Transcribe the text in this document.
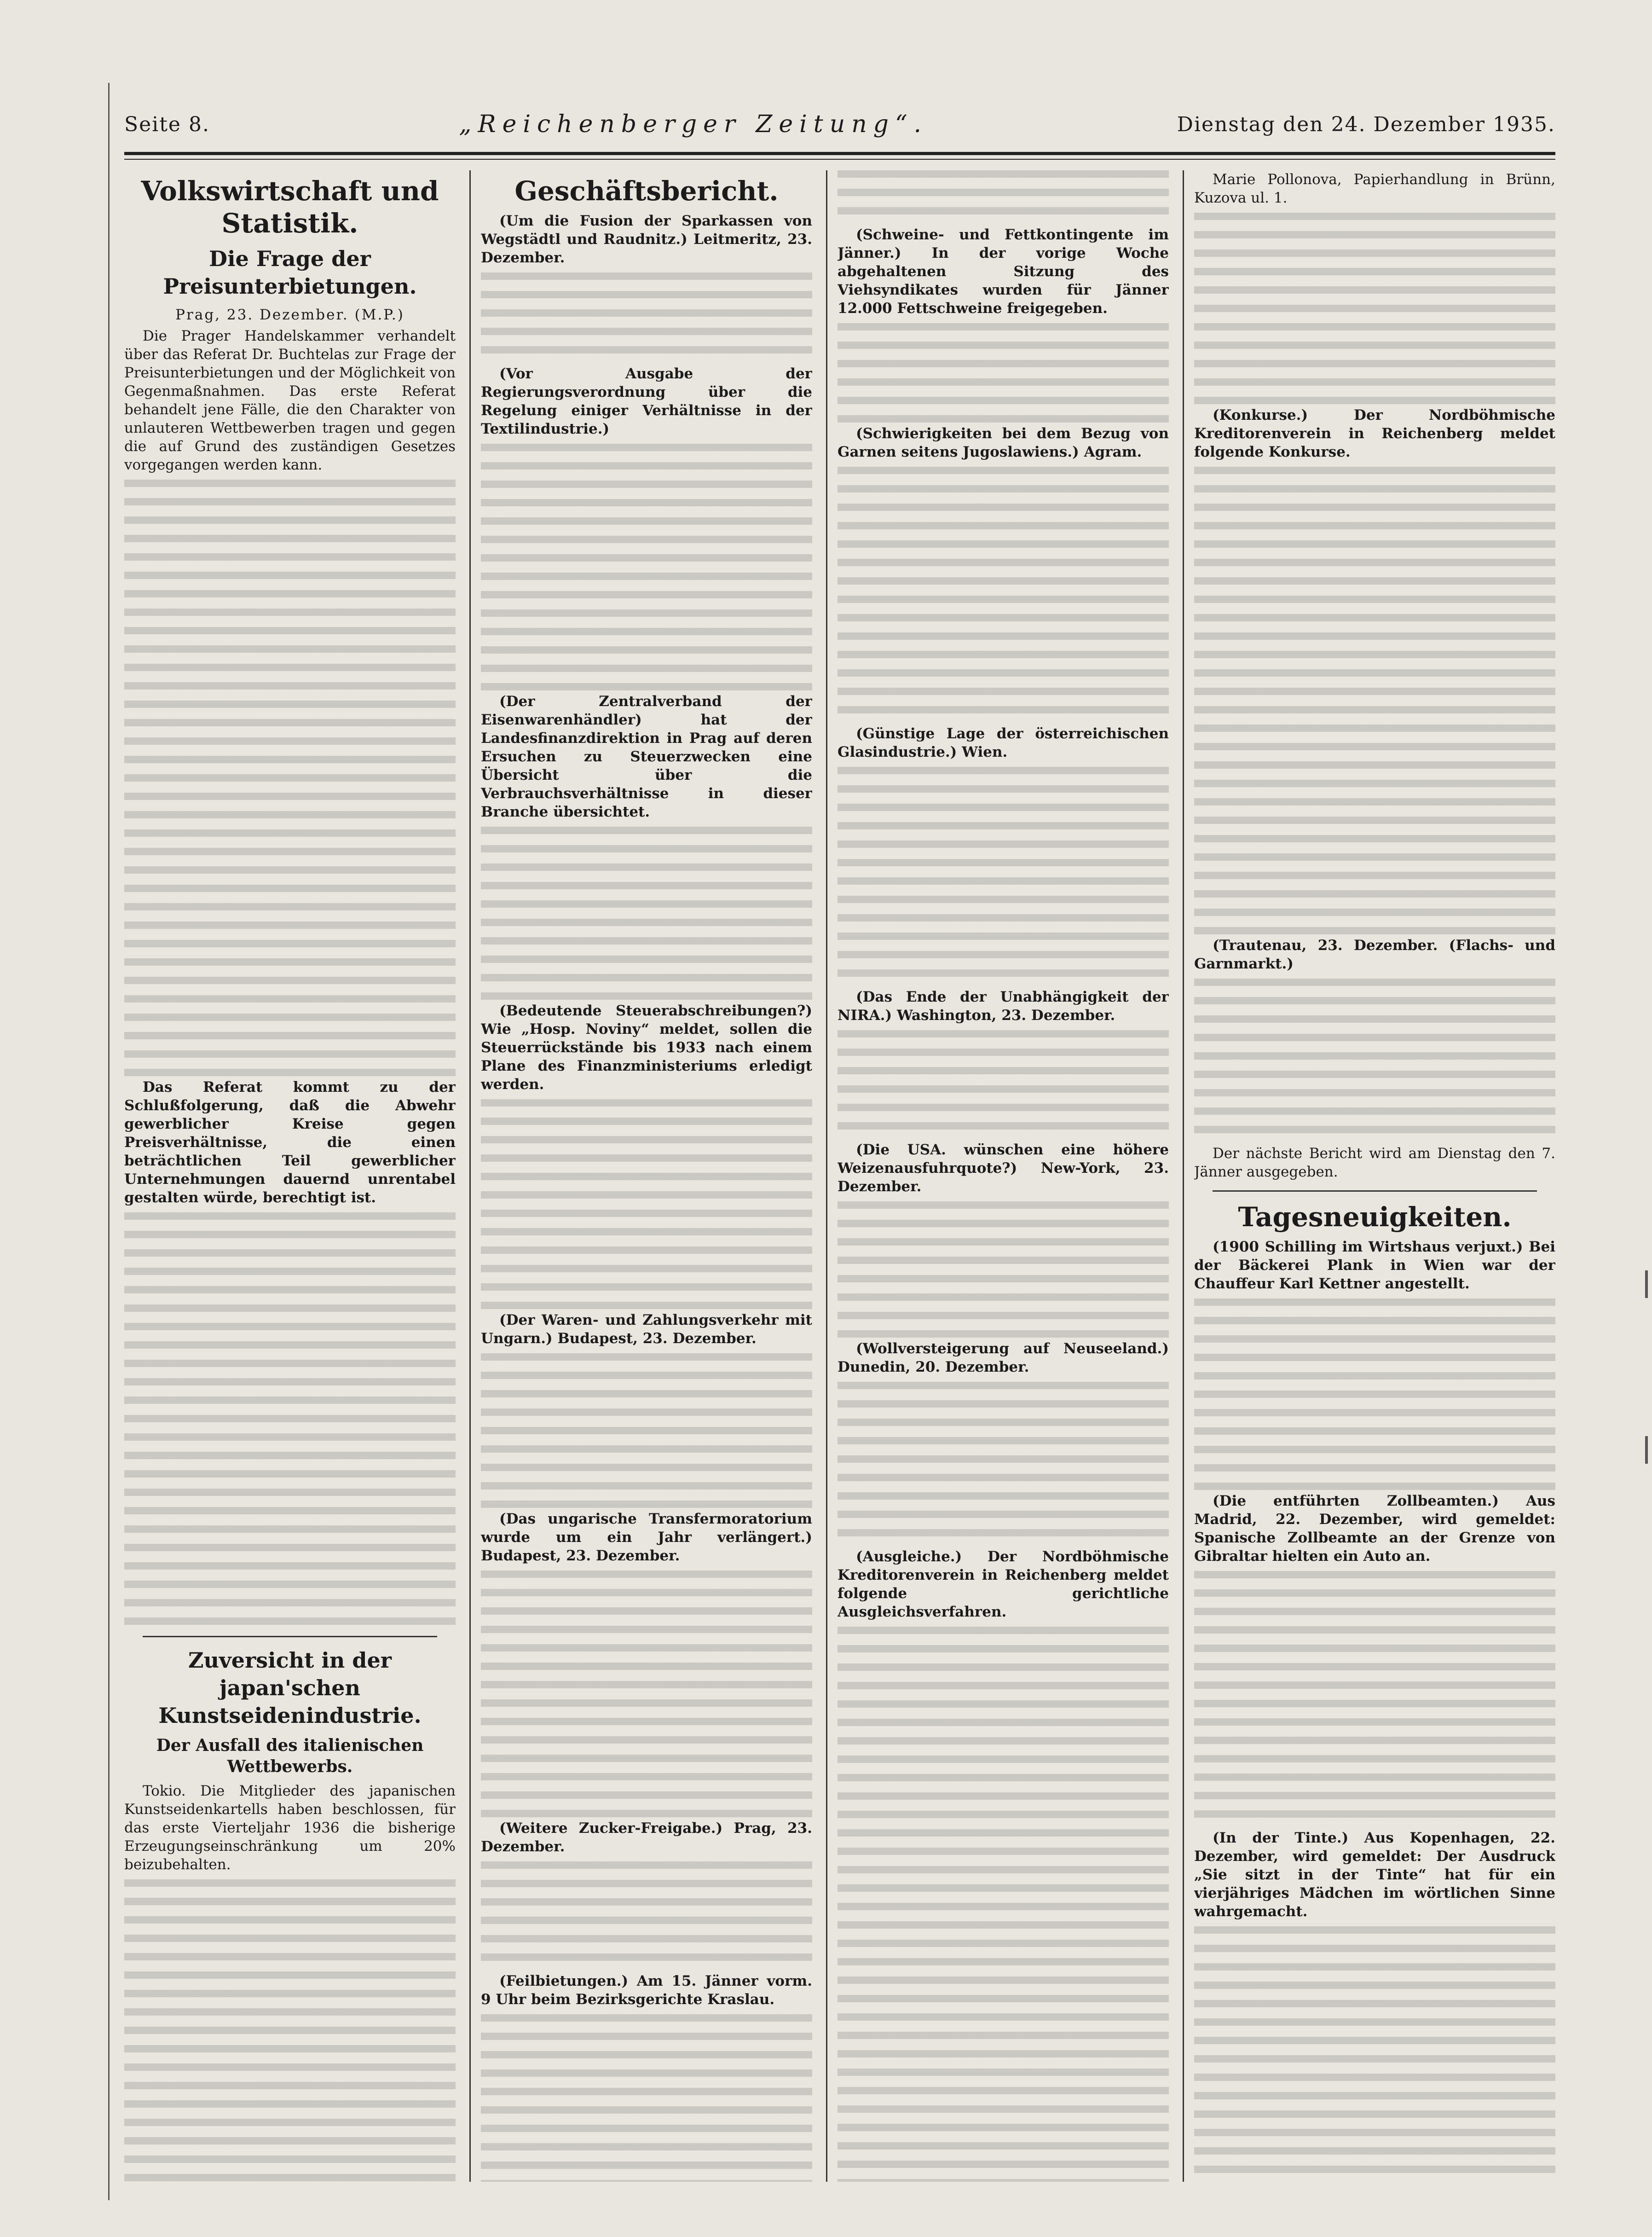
Seite 8.	„Reichenberger Zeitung“.	Dienstag den 24. Dezember 1935.
Volkswirtschaft und Statistik.
Die Frage der Preisunterbietungen.
Prag, 23. Dezember. (M.P.)

Die Prager Handelskammer verhandelt über das Referat Dr. Buchtelas zur Frage der Preisunterbietungen und der Möglichkeit von Gegenmaßnahmen. Das erste Referat behandelt jene Fälle, die den Charakter von unlauteren Wettbewerben tragen und gegen die auf Grund des zuständigen Gesetzes vorgegangen werden kann.

Das Referat kommt zu der Schlußfolgerung, daß die Abwehr gewerblicher Kreise gegen Preisverhältnisse, die einen beträchtlichen Teil gewerblicher Unternehmungen dauernd unrentabel gestalten würde, berechtigt ist.

Zuversicht in der japan'schen Kunstseidenindustrie.
Der Ausfall des italienischen Wettbewerbs.

Tokio. Die Mitglieder des japanischen Kunstseidenkartells haben beschlossen, für das erste Vierteljahr 1936 die bisherige Erzeugungseinschränkung um 20% beizubehalten.

Geschäftsbericht.

(Um die Fusion der Sparkassen von Wegstädtl und Raudnitz.) Leitmeritz, 23. Dezember.

(Vor Ausgabe der Regierungsverordnung über die Regelung einiger Verhältnisse in der Textilindustrie.)

(Der Zentralverband der Eisenwarenhändler) hat der Landesfinanzdirektion in Prag auf deren Ersuchen zu Steuerzwecken eine Übersicht über die Verbrauchsverhältnisse in dieser Branche übersichtet.

(Bedeutende Steuerabschreibungen?) Wie „Hosp. Noviny“ meldet, sollen die Steuerrückstände bis 1933 nach einem Plane des Finanzministeriums erledigt werden.

(Der Waren- und Zahlungsverkehr mit Ungarn.) Budapest, 23. Dezember.

(Das ungarische Transfermoratorium wurde um ein Jahr verlängert.) Budapest, 23. Dezember.

(Weitere Zucker-Freigabe.) Prag, 23. Dezember.

(Feilbietungen.) Am 15. Jänner vorm. 9 Uhr beim Bezirksgerichte Kraslau.

(Schweine- und Fettkontingente im Jänner.) In der vorige Woche abgehaltenen Sitzung des Viehsyndikates wurden für Jänner 12.000 Fettschweine freigegeben.

(Schwierigkeiten bei dem Bezug von Garnen seitens Jugoslawiens.) Agram.

(Günstige Lage der österreichischen Glasindustrie.) Wien.

(Das Ende der Unabhängigkeit der NIRA.) Washington, 23. Dezember.

(Die USA. wünschen eine höhere Weizenausfuhrquote?) New-York, 23. Dezember.

(Wollversteigerung auf Neuseeland.) Dunedin, 20. Dezember.

(Ausgleiche.) Der Nordböhmische Kreditorenverein in Reichenberg meldet folgende gerichtliche Ausgleichsverfahren.

Marie Pollonova, Papierhandlung in Brünn, Kuzova ul. 1.

(Konkurse.) Der Nordböhmische Kreditorenverein in Reichenberg meldet folgende Konkurse.

(Trautenau, 23. Dezember. (Flachs- und Garnmarkt.)

Der nächste Bericht wird am Dienstag den 7. Jänner ausgegeben.

Tagesneuigkeiten.

(1900 Schilling im Wirtshaus verjuxt.) Bei der Bäckerei Plank in Wien war der Chauffeur Karl Kettner angestellt.

(Die entführten Zollbeamten.) Aus Madrid, 22. Dezember, wird gemeldet: Spanische Zollbeamte an der Grenze von Gibraltar hielten ein Auto an.

(In der Tinte.) Aus Kopenhagen, 22. Dezember, wird gemeldet: Der Ausdruck „Sie sitzt in der Tinte“ hat für ein vierjähriges Mädchen im wörtlichen Sinne wahrgemacht.
